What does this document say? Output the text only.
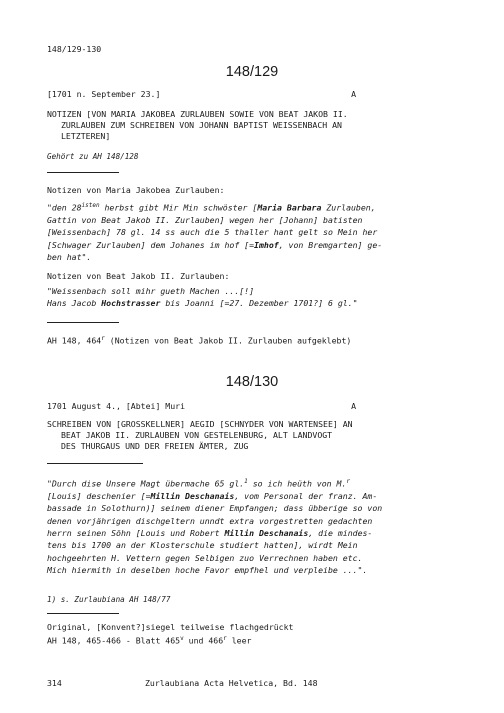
148/129-130
148/129
[1701 n. September 23.]	A
NOTIZEN [VON MARIA JAKOBEA ZURLAUBEN SOWIE VON BEAT JAKOB II.
ZURLAUBEN ZUM SCHREIBEN VON JOHANN BAPTIST WEISSENBACH AN
LETZTEREN]
Gehört zu AH 148/128
Notizen von Maria Jakobea Zurlauben:
"den $28^{isten}$ herbst gibt Mir Min schwöster [Maria Barbara Zurlauben,
Gattin von Beat Jakob II. Zurlauben] wegen her [Johann] batisten
[Weissenbach] 78 gl. 14 ss auch die 5 thaller hant gelt so Mein her
[Schwager Zurlauben] dem Johanes im hof [=Imhof, von Bremgarten] ge-
ben hat".
Notizen von Beat Jakob II. Zurlauben:
"Weissenbach soll mihr gueth Machen ...[!]
Hans Jacob Hochstrasser bis Joanni [=27. Dezember 1701?] 6 gl."
AH 148, 464$^r$ (Notizen von Beat Jakob II. Zurlauben aufgeklebt)
148/130
1701 August 4., [Abtei] Muri	A
SCHREIBEN VON [GROSSKELLNER] AEGID [SCHNYDER VON WARTENSEE] AN
BEAT JAKOB II. ZURLAUBEN VON GESTELENBURG, ALT LANDVOGT
DES THURGAUS UND DER FREIEN ÄMTER, ZUG
"Durch dise Unsere Magt übermache 65 gl.$^1$ so ich heüth von M.$^r$
[Louis] deschenier [=Millin Deschanais, vom Personal der franz. Am-
bassade in Solothurn)] seinem diener Empfangen; dass übberige so von
denen vorjährigen dischgeltern unndt extra vorgestretten gedachten
herrn seinen Söhn [Louis und Robert Millin Deschanais, die mindes-
tens bis 1700 an der Klosterschule studiert hatten], wirdt Mein
hochgeehrten H. Vettern gegen Selbigen zuo Verrechnen haben etc.
Mich hiermith in deselben hoche Favor empfhel und verpleibe ...".
1) s. Zurlaubiana AH 148/77
Original, [Konvent?]siegel teilweise flachgedrückt
AH 148, 465-466 - Blatt 465$^v$ und 466$^r$ leer
314	Zurlaubiana Acta Helvetica, Bd. 148
